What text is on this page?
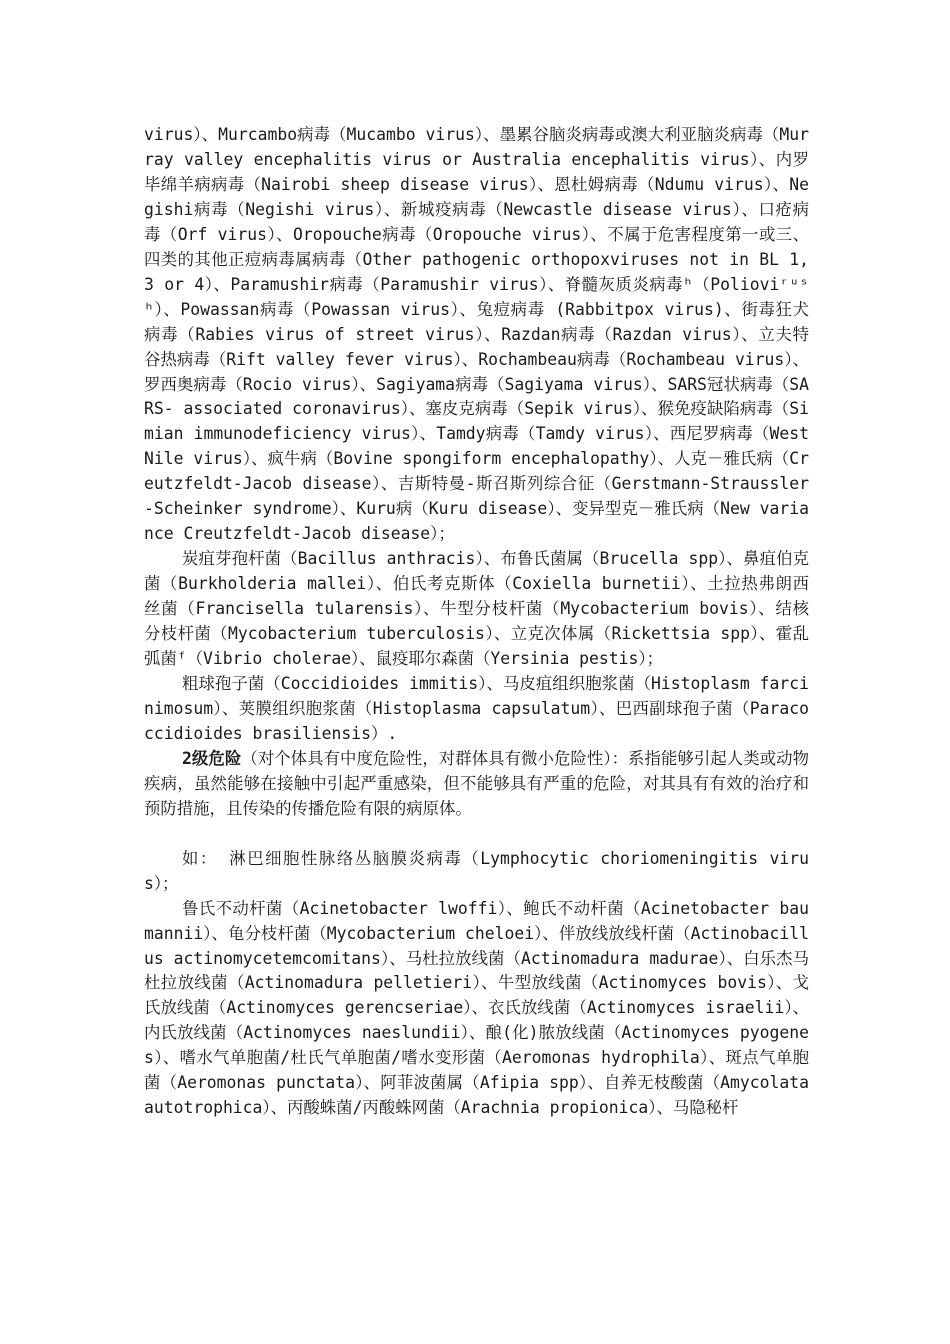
virus）、Murcambo病毒（Mucambo virus）、墨累谷脑炎病毒或澳大利亚脑炎病毒（Murray valley encephalitis virus or Australia encephalitis virus）、内罗毕绵羊病病毒（Nairobi sheep disease virus）、恩杜姆病毒（Ndumu virus）、Negishi病毒（Negishi virus）、新城疫病毒（Newcastle disease virus）、口疮病毒（Orf virus）、Oropouche病毒（Oropouche virus）、不属于危害程度第一或三、四类的其他正痘病毒属病毒（Other pathogenic orthopoxviruses not in BL 1, 3 or 4）、Paramushir病毒（Paramushir virus）、脊髓灰质炎病毒ʰ（Polioviʳᵘˢʰ）、Powassan病毒（Powassan virus）、兔痘病毒 (Rabbitpox virus)、街毒狂犬病毒（Rabies virus of street virus）、Razdan病毒（Razdan virus）、立夫特谷热病毒（Rift valley fever virus）、Rochambeau病毒（Rochambeau virus）、罗西奥病毒（Rocio virus）、Sagiyama病毒（Sagiyama virus）、SARS冠状病毒（SARS- associated coronavirus）、塞皮克病毒（Sepik virus）、猴免疫缺陷病毒（Simian immunodeficiency virus）、Tamdy病毒（Tamdy virus）、西尼罗病毒（West Nile virus）、疯牛病（Bovine spongiform encephalopathy）、人克－雅氏病（Creutzfeldt-Jacob disease）、吉斯特曼-斯召斯列综合征（Gerstmann-Straussler-Scheinker syndrome）、Kuru病（Kuru disease）、变异型克－雅氏病（New variance Creutzfeldt-Jacob disease）；

炭疽芽孢杆菌（Bacillus anthracis）、布鲁氏菌属（Brucella spp）、鼻疽伯克菌（Burkholderia mallei）、伯氏考克斯体（Coxiella burnetii）、土拉热弗朗西丝菌（Francisella tularensis）、牛型分枝杆菌（Mycobacterium bovis）、结核分枝杆菌（Mycobacterium tuberculosis）、立克次体属（Rickettsia spp）、霍乱弧菌ᶠ（Vibrio cholerae）、鼠疫耶尔森菌（Yersinia pestis）；

粗球孢子菌（Coccidioides immitis）、马皮疽组织胞浆菌（Histoplasm farcinimosum）、荚膜组织胞浆菌（Histoplasma capsulatum）、巴西副球孢子菌（Paracoccidioides brasiliensis）.

2级危险（对个体具有中度危险性，对群体具有微小危险性）：系指能够引起人类或动物疾病，虽然能够在接触中引起严重感染，但不能够具有严重的危险，对其具有有效的治疗和预防措施，且传染的传播危险有限的病原体。

如： 淋巴细胞性脉络丛脑膜炎病毒（Lymphocytic choriomeningitis virus）；

鲁氏不动杆菌（Acinetobacter lwoffi）、鲍氏不动杆菌（Acinetobacter baumannii）、龟分枝杆菌（Mycobacterium cheloei）、伴放线放线杆菌（Actinobacillus actinomycetemcomitans）、马杜拉放线菌（Actinomadura madurae）、白乐杰马杜拉放线菌（Actinomadura pelletieri）、牛型放线菌（Actinomyces bovis）、戈氏放线菌（Actinomyces gerencseriae）、衣氏放线菌（Actinomyces israelii）、内氏放线菌（Actinomyces naeslundii）、酿(化)脓放线菌（Actinomyces pyogenes）、嗜水气单胞菌/杜氏气单胞菌/嗜水变形菌（Aeromonas hydrophila）、斑点气单胞菌（Aeromonas punctata）、阿菲波菌属（Afipia spp）、自养无枝酸菌（Amycolata autotrophica）、丙酸蛛菌/丙酸蛛网菌（Arachnia propionica）、马隐秘杆
